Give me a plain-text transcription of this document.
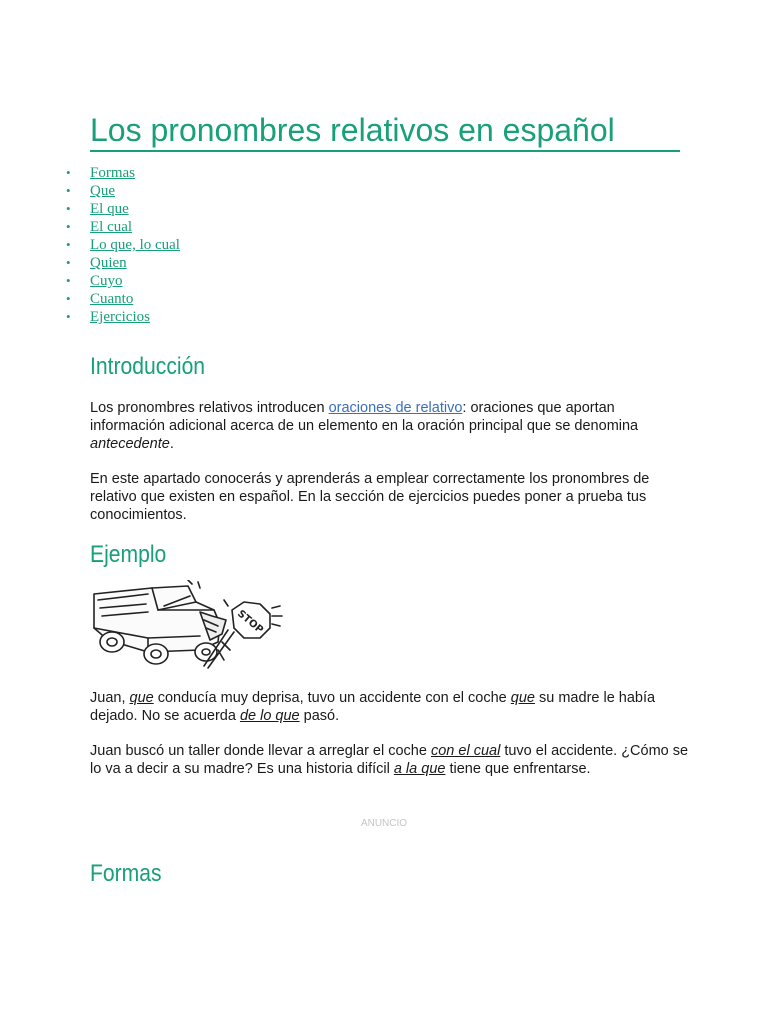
Los pronombres relativos en español
• Formas
• Que
• El que
• El cual
• Lo que, lo cual
• Quien
• Cuyo
• Cuanto
• Ejercicios
Introducción

Los pronombres relativos introducen oraciones de relativo: oraciones que aportan información adicional acerca de un elemento en la oración principal que se denomina antecedente.

En este apartado conocerás y aprenderás a emplear correctamente los pronombres de relativo que existen en español. En la sección de ejercicios puedes poner a prueba tus conocimientos.

Ejemplo
STOP

Juan, que conducía muy deprisa, tuvo un accidente con el coche que su madre le había dejado. No se acuerda de lo que pasó.

Juan buscó un taller donde llevar a arreglar el coche con el cual tuvo el accidente. ¿Cómo se lo va a decir a su madre? Es una historia difícil a la que tiene que enfrentarse.

ANUNCIO
Formas
